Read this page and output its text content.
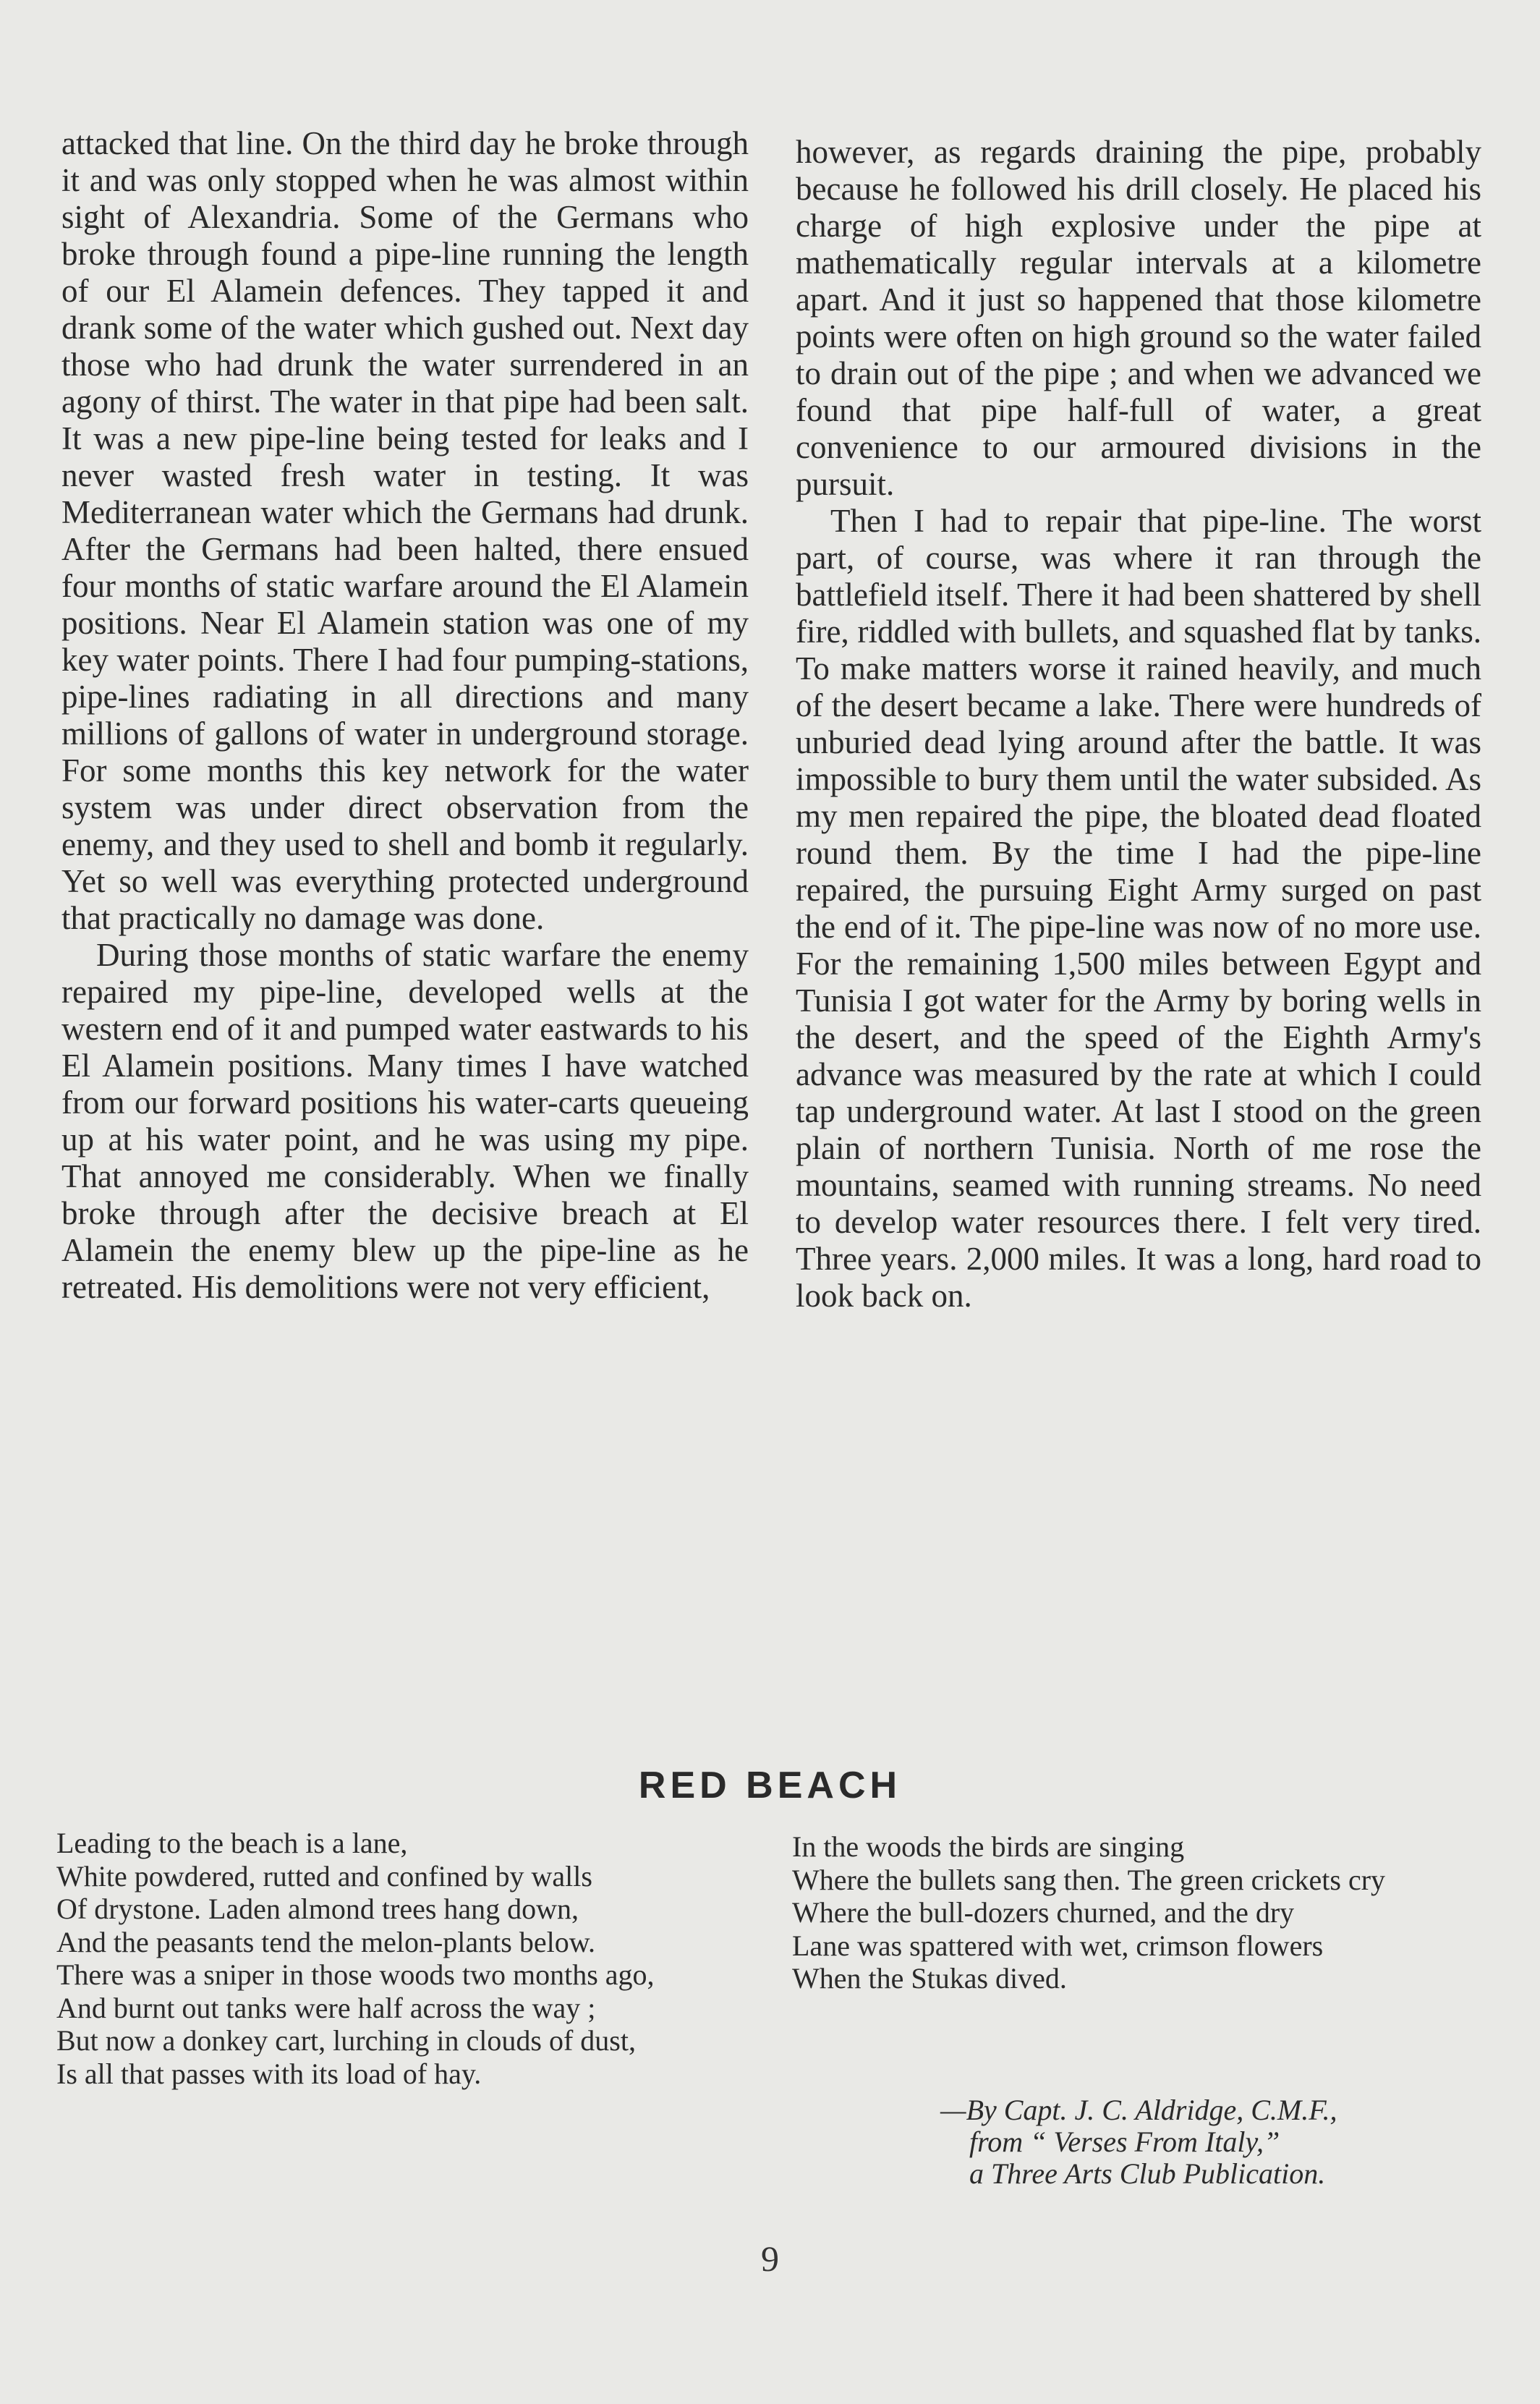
attacked that line. On the third day he broke through it and was only stopped when he was almost within sight of Alexandria. Some of the Germans who broke through found a pipe-line running the length of our El Alamein defences. They tapped it and drank some of the water which gushed out. Next day those who had drunk the water surrendered in an agony of thirst. The water in that pipe had been salt. It was a new pipe-line being tested for leaks and I never wasted fresh water in testing. It was Mediterranean water which the Germans had drunk. After the Germans had been halted, there ensued four months of static warfare around the El Alamein positions. Near El Alamein station was one of my key water points. There I had four pumping-stations, pipe-lines radiating in all directions and many millions of gallons of water in underground storage. For some months this key network for the water system was under direct observation from the enemy, and they used to shell and bomb it regularly. Yet so well was everything protected underground that practically no damage was done.

During those months of static warfare the enemy repaired my pipe-line, developed wells at the western end of it and pumped water eastwards to his El Alamein positions. Many times I have watched from our forward positions his water-carts queueing up at his water point, and he was using my pipe. That annoyed me considerably. When we finally broke through after the decisive breach at El Alamein the enemy blew up the pipe-line as he retreated. His demolitions were not very efficient,

however, as regards draining the pipe, probably because he followed his drill closely. He placed his charge of high explosive under the pipe at mathematically regular intervals at a kilometre apart. And it just so happened that those kilometre points were often on high ground so the water failed to drain out of the pipe ; and when we advanced we found that pipe half-full of water, a great convenience to our armoured divisions in the pursuit.

Then I had to repair that pipe-line. The worst part, of course, was where it ran through the battlefield itself. There it had been shattered by shell fire, riddled with bullets, and squashed flat by tanks. To make matters worse it rained heavily, and much of the desert became a lake. There were hundreds of unburied dead lying around after the battle. It was impossible to bury them until the water subsided. As my men repaired the pipe, the bloated dead floated round them. By the time I had the pipe-line repaired, the pursuing Eight Army surged on past the end of it. The pipe-line was now of no more use. For the remaining 1,500 miles between Egypt and Tunisia I got water for the Army by boring wells in the desert, and the speed of the Eighth Army's advance was measured by the rate at which I could tap underground water. At last I stood on the green plain of northern Tunisia. North of me rose the mountains, seamed with running streams. No need to develop water resources there. I felt very tired. Three years. 2,000 miles. It was a long, hard road to look back on.

RED BEACH
Leading to the beach is a lane,
White powdered, rutted and confined by walls
Of drystone. Laden almond trees hang down,
And the peasants tend the melon-plants below.
There was a sniper in those woods two months ago,
And burnt out tanks were half across the way ;
But now a donkey cart, lurching in clouds of dust,
Is all that passes with its load of hay.
In the woods the birds are singing
Where the bullets sang then. The green crickets cry
Where the bull-dozers churned, and the dry
Lane was spattered with wet, crimson flowers
When the Stukas dived.
—By Capt. J. C. Aldridge, C.M.F.,
from “ Verses From Italy,”
a Three Arts Club Publication.
9
